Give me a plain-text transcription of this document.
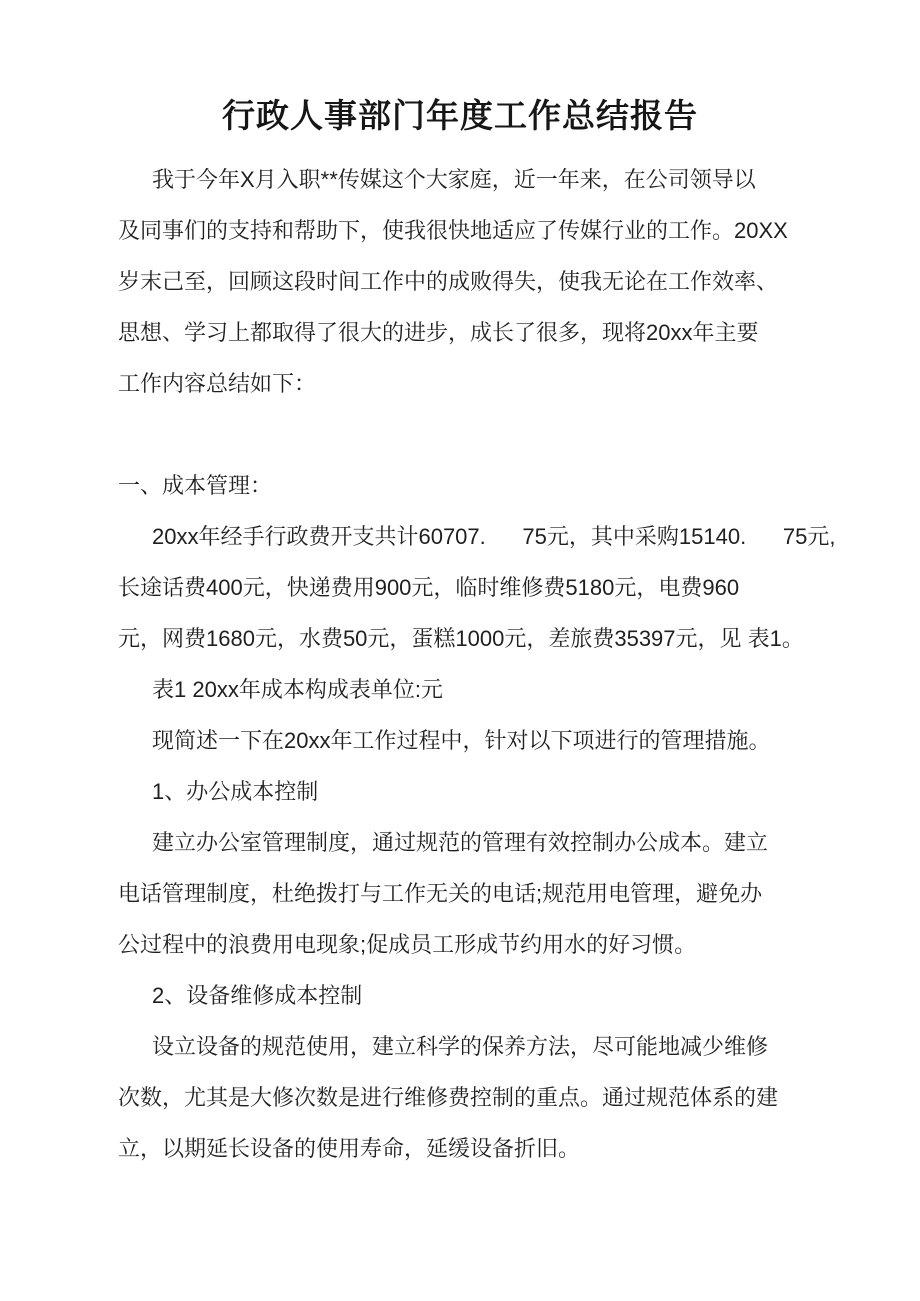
行政人事部门年度工作总结报告
我于今年X月入职**传媒这个大家庭，近一年来，在公司领导以
及同事们的支持和帮助下，使我很快地适应了传媒行业的工作。20XX
岁末己至，回顾这段时间工作中的成败得失，使我无论在工作效率、
思想、学习上都取得了很大的进步，成长了很多，现将20xx年主要
工作内容总结如下：
一、成本管理：
20xx年经手行政费开支共计60707.      75元，其中采购15140.      75元,
长途话费400元，快递费用900元，临时维修费5180元，电费960
元，网费1680元，水费50元，蛋糕1000元，差旅费35397元，见 表1。
表1 20xx年成本构成表单位:元
现简述一下在20xx年工作过程中，针对以下项进行的管理措施。
1、办公成本控制
建立办公室管理制度，通过规范的管理有效控制办公成本。建立
电话管理制度，杜绝拨打与工作无关的电话;规范用电管理，避免办
公过程中的浪费用电现象;促成员工形成节约用水的好习惯。
2、设备维修成本控制
设立设备的规范使用，建立科学的保养方法，尽可能地减少维修
次数，尤其是大修次数是进行维修费控制的重点。通过规范体系的建
立，以期延长设备的使用寿命，延缓设备折旧。
